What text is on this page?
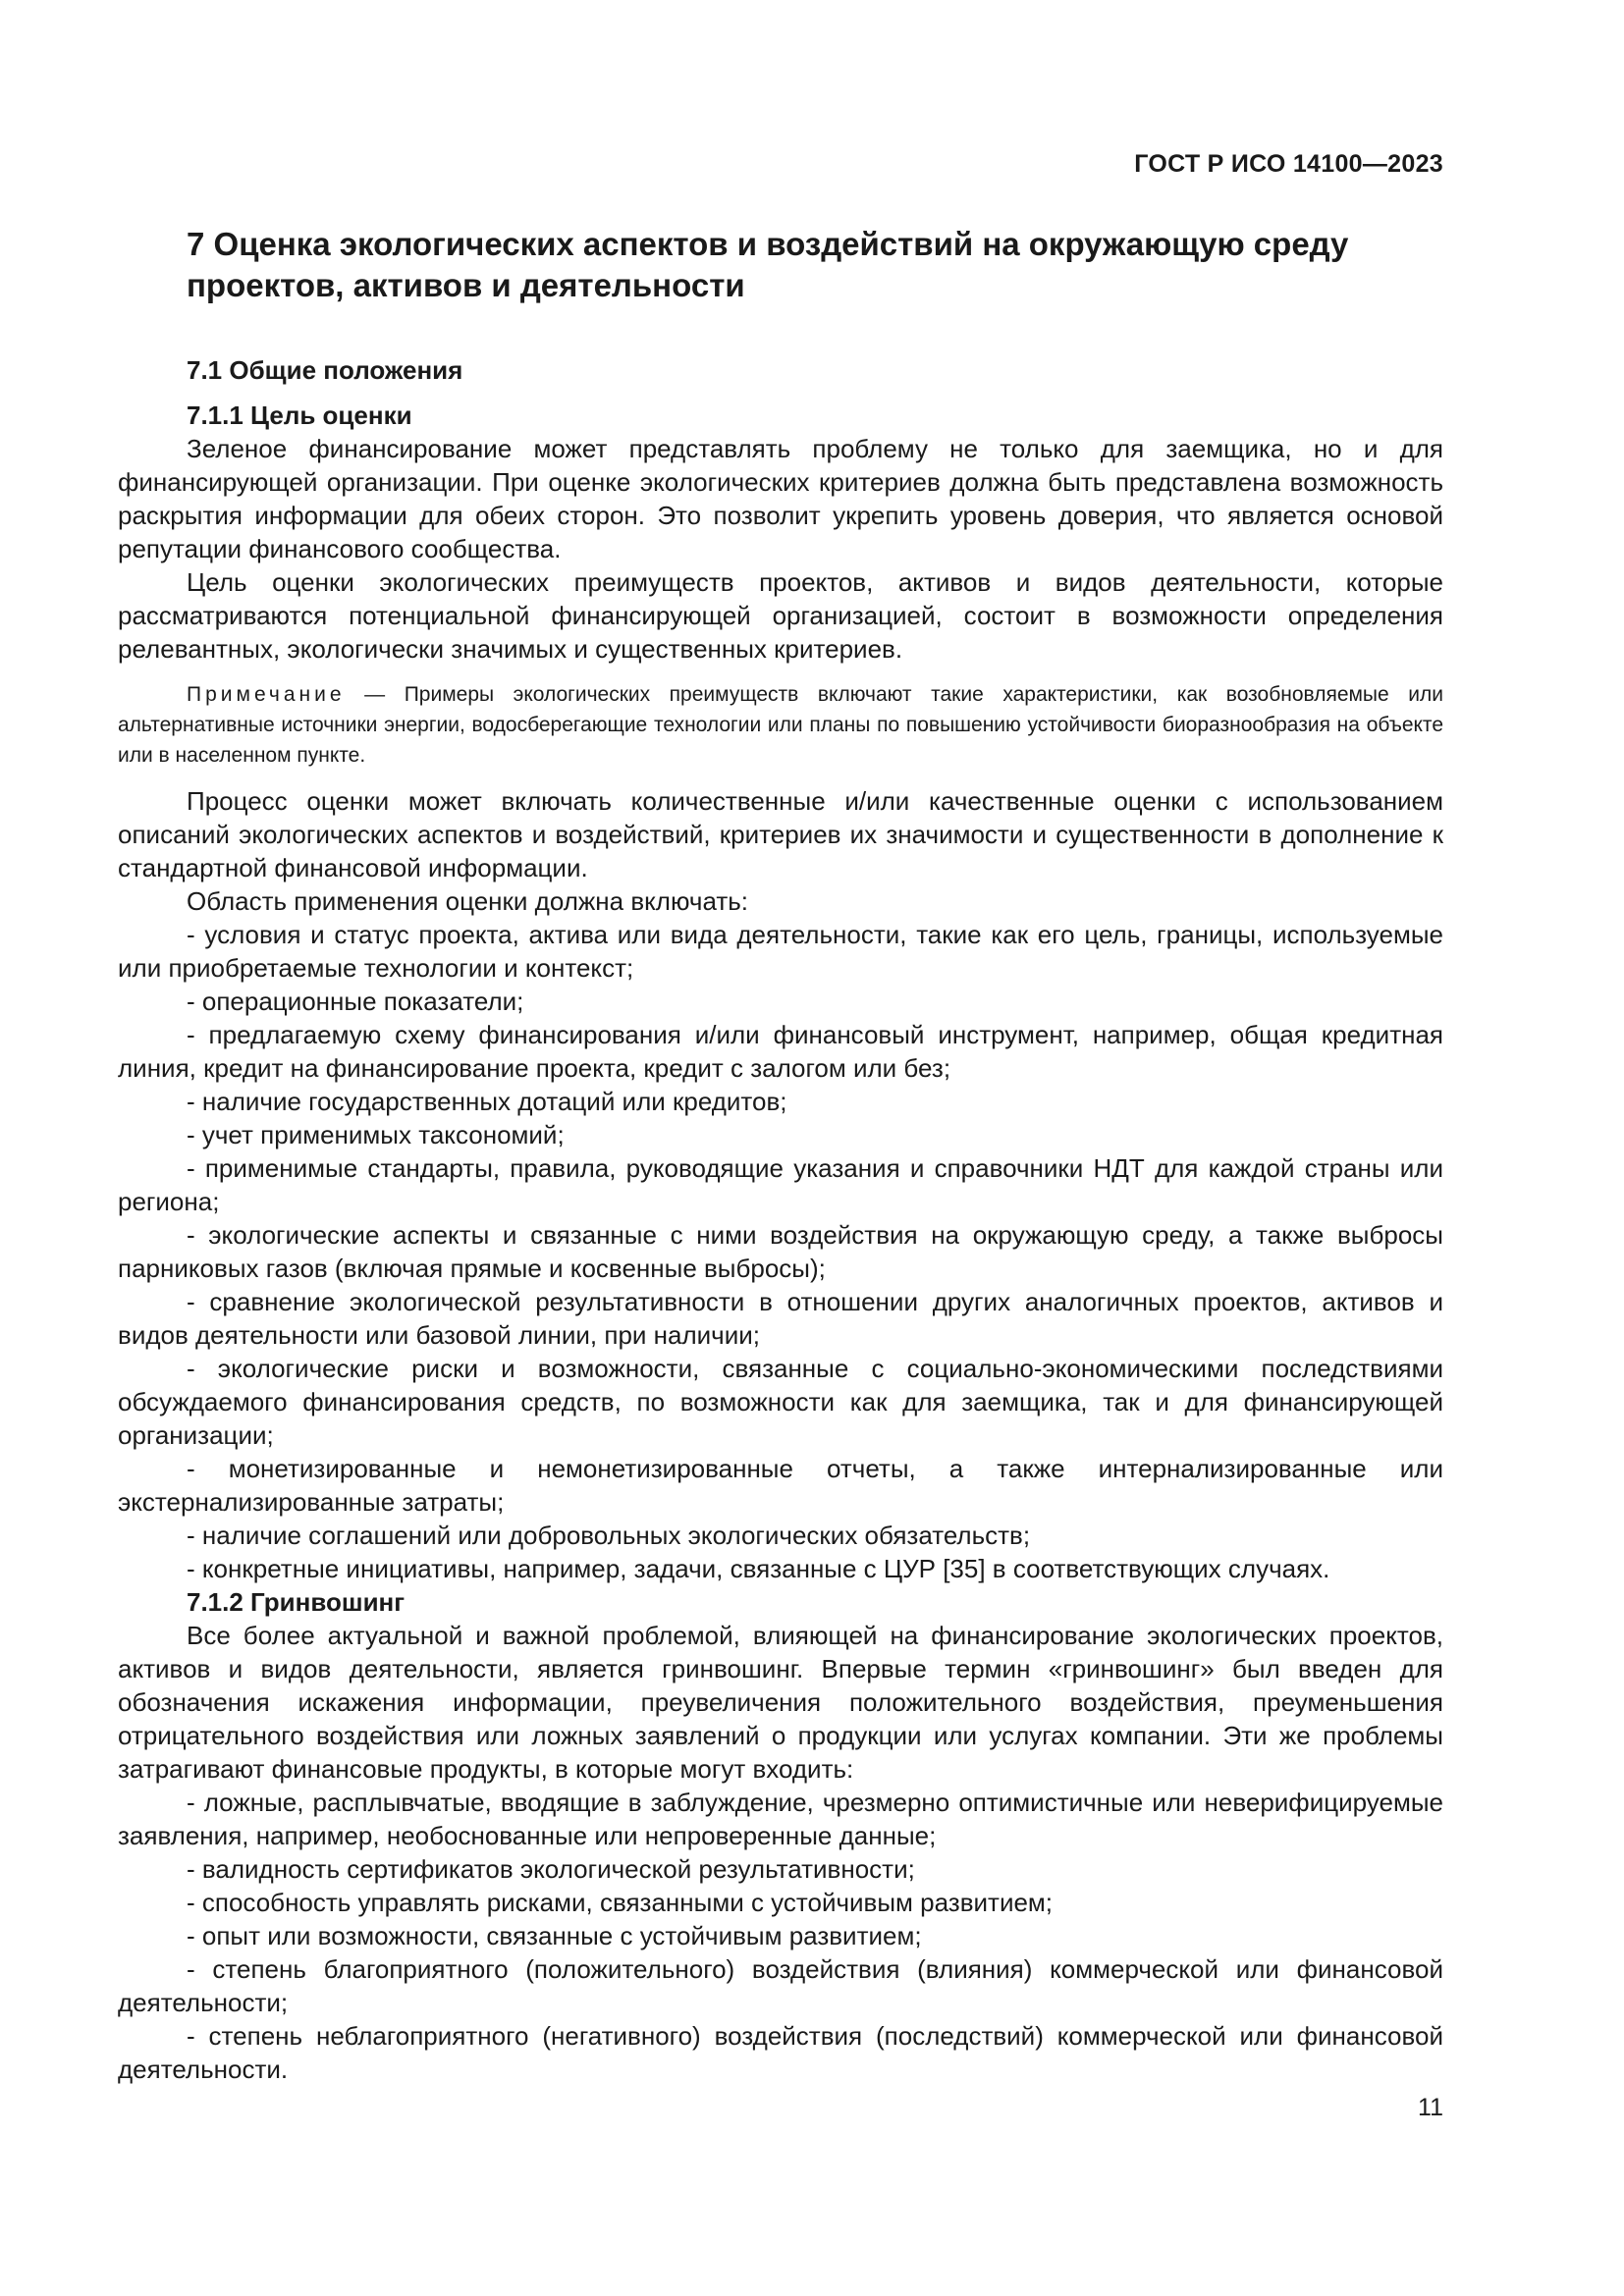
ГОСТ Р ИСО 14100—2023
7 Оценка экологических аспектов и воздействий на окружающую среду
проектов, активов и деятельности
7.1 Общие положения
7.1.1 Цель оценки

Зеленое финансирование может представлять проблему не только для заемщика, но и для финансирующей организации. При оценке экологических критериев должна быть представлена возможность раскрытия информации для обеих сторон. Это позволит укрепить уровень доверия, что является основой репутации финансового сообщества.

Цель оценки экологических преимуществ проектов, активов и видов деятельности, которые рассматриваются потенциальной финансирующей организацией, состоит в возможности определения релевантных, экологически значимых и существенных критериев.

Примечание — Примеры экологических преимуществ включают такие характеристики, как возобновляемые или альтернативные источники энергии, водосберегающие технологии или планы по повышению устойчивости биоразнообразия на объекте или в населенном пункте.

Процесс оценки может включать количественные и/или качественные оценки с использованием описаний экологических аспектов и воздействий, критериев их значимости и существенности в дополнение к стандартной финансовой информации.

Область применения оценки должна включать:

- условия и статус проекта, актива или вида деятельности, такие как его цель, границы, используемые или приобретаемые технологии и контекст;

- операционные показатели;

- предлагаемую схему финансирования и/или финансовый инструмент, например, общая кредитная линия, кредит на финансирование проекта, кредит с залогом или без;

- наличие государственных дотаций или кредитов;

- учет применимых таксономий;

- применимые стандарты, правила, руководящие указания и справочники НДТ для каждой страны или региона;

- экологические аспекты и связанные с ними воздействия на окружающую среду, а также выбросы парниковых газов (включая прямые и косвенные выбросы);

- сравнение экологической результативности в отношении других аналогичных проектов, активов и видов деятельности или базовой линии, при наличии;

- экологические риски и возможности, связанные с социально-экономическими последствиями обсуждаемого финансирования средств, по возможности как для заемщика, так и для финансирующей организации;

- монетизированные и немонетизированные отчеты, а также интернализированные или экстернализированные затраты;

- наличие соглашений или добровольных экологических обязательств;

- конкретные инициативы, например, задачи, связанные с ЦУР [35] в соответствующих случаях.

7.1.2 Гринвошинг

Все более актуальной и важной проблемой, влияющей на финансирование экологических проектов, активов и видов деятельности, является гринвошинг. Впервые термин «гринвошинг» был введен для обозначения искажения информации, преувеличения положительного воздействия, преуменьшения отрицательного воздействия или ложных заявлений о продукции или услугах компании. Эти же проблемы затрагивают финансовые продукты, в которые могут входить:

- ложные, расплывчатые, вводящие в заблуждение, чрезмерно оптимистичные или неверифицируемые заявления, например, необоснованные или непроверенные данные;

- валидность сертификатов экологической результативности;

- способность управлять рисками, связанными с устойчивым развитием;

- опыт или возможности, связанные с устойчивым развитием;

- степень благоприятного (положительного) воздействия (влияния) коммерческой или финансовой деятельности;

- степень неблагоприятного (негативного) воздействия (последствий) коммерческой или финансовой деятельности.

11
